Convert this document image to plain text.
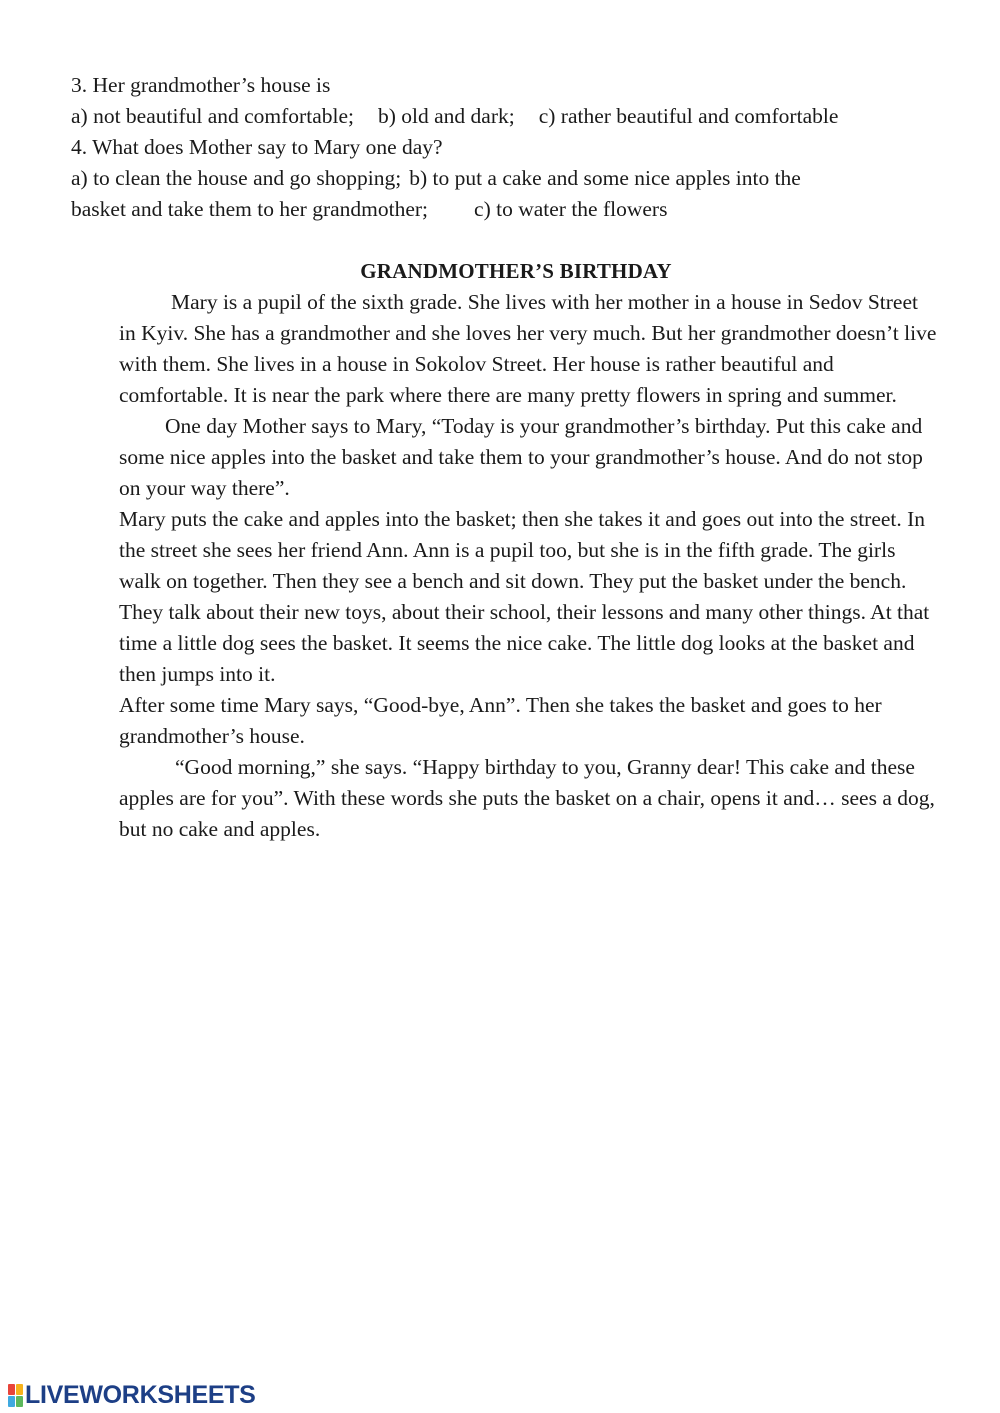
3. Her grandmother’s house is
a) not beautiful and comfortable; b) old and dark; c) rather beautiful and comfortable
4. What does Mother say to Mary one day?
a) to clean the house and go shopping; b) to put a cake and some nice apples into the
basket and take them to her grandmother; c) to water the flowers
GRANDMOTHER’S BIRTHDAY

Mary is a pupil of the sixth grade. She lives with her mother in a house in Sedov Street in Kyiv. She has a grandmother and she loves her very much. But her grandmother doesn’t live with them. She lives in a house in Sokolov Street. Her house is rather beautiful and comfortable. It is near the park where there are many pretty flowers in spring and summer.

One day Mother says to Mary, “Today is your grandmother’s birthday. Put this cake and some nice apples into the basket and take them to your grandmother’s house. And do not stop on your way there”.

Mary puts the cake and apples into the basket; then she takes it and goes out into the street. In the street she sees her friend Ann. Ann is a pupil too, but she is in the fifth grade. The girls walk on together. Then they see a bench and sit down. They put the basket under the bench. They talk about their new toys, about their school, their lessons and many other things. At that time a little dog sees the basket. It seems the nice cake. The little dog looks at the basket and then jumps into it.

After some time Mary says, “Good-bye, Ann”. Then she takes the basket and goes to her grandmother’s house.

“Good morning,” she says. “Happy birthday to you, Granny dear! This cake and these apples are for you”. With these words she puts the basket on a chair, opens it and… sees a dog, but no cake and apples.

LIVEWORKSHEETS
